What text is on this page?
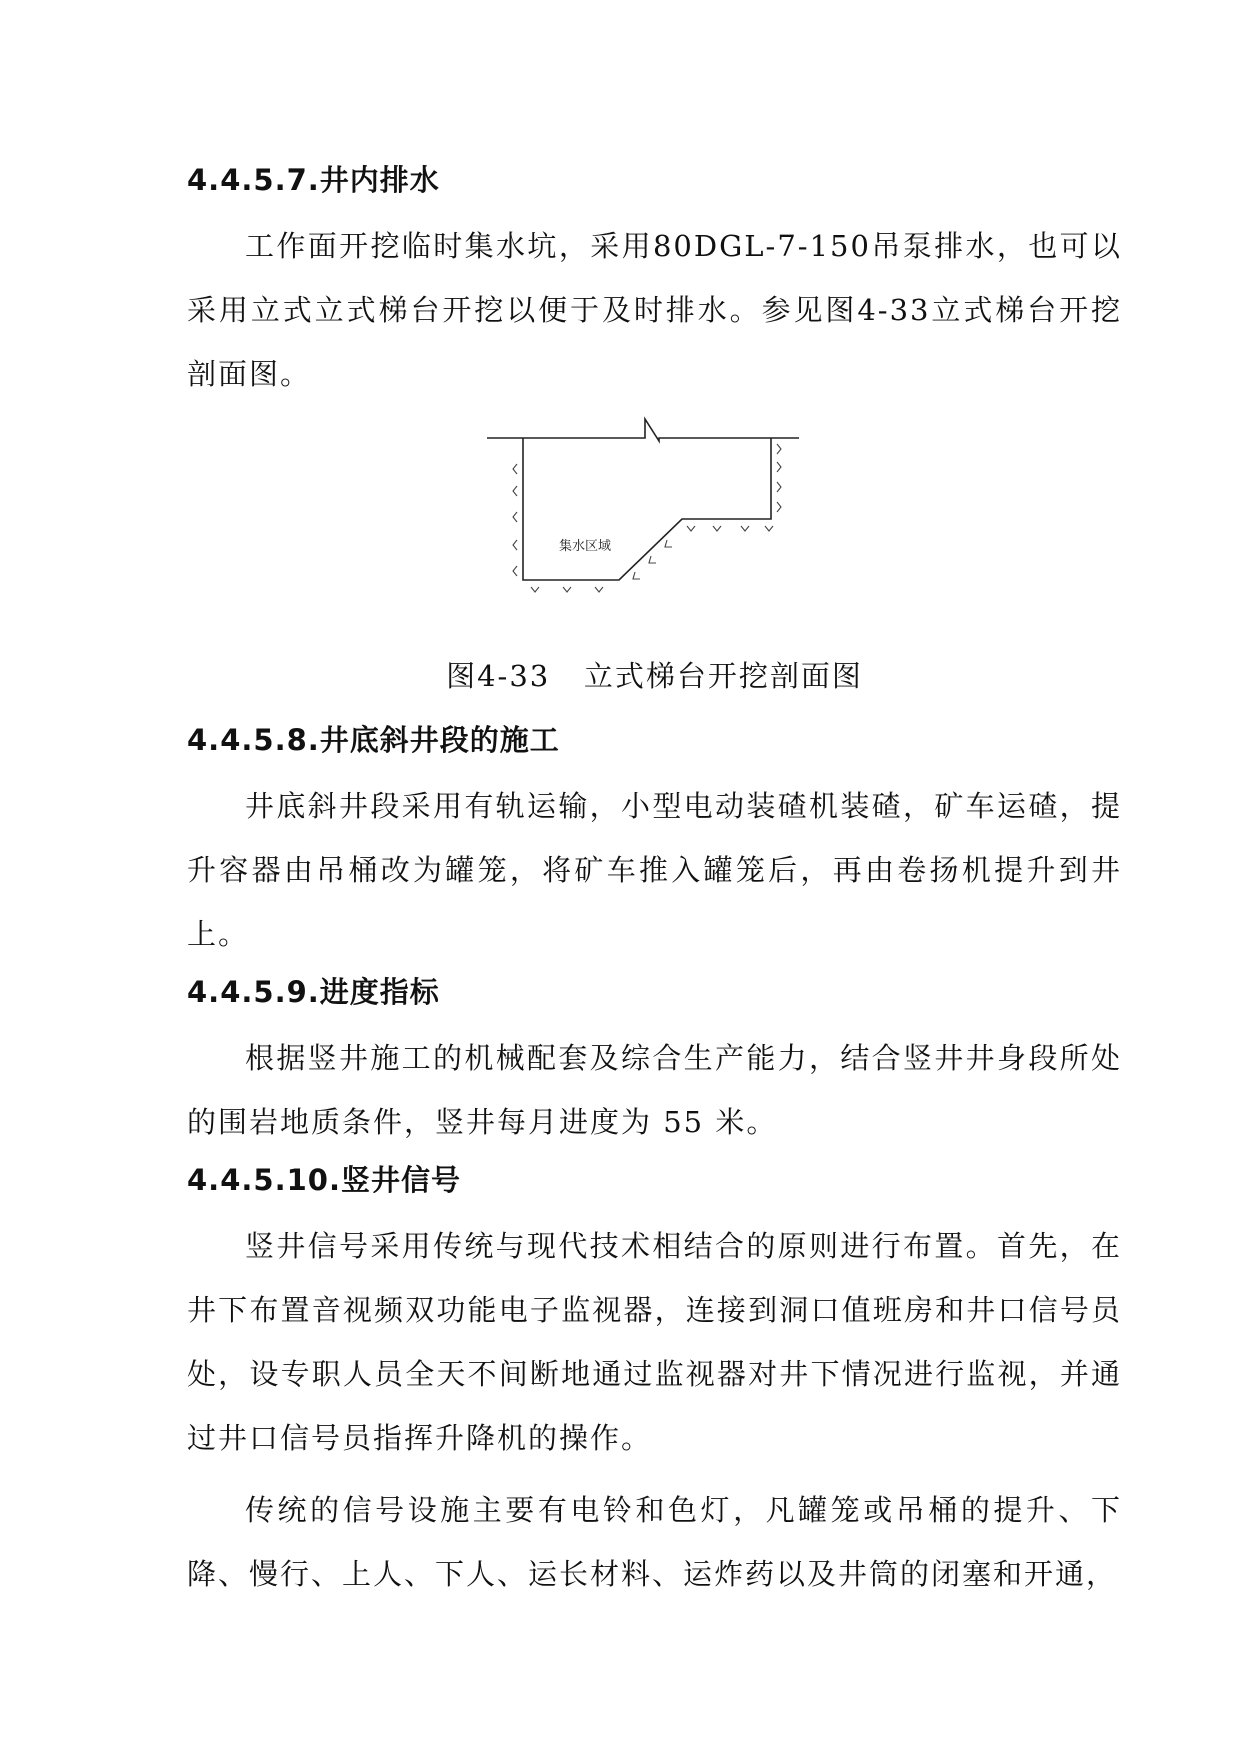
4.4.5.7.井内排水

工作面开挖临时集水坑，采用80DGL-7-150吊泵排水，也可以采用立式立式梯台开挖以便于及时排水。参见图4-33立式梯台开挖剖面图。

集水区域
图4-33 立式梯台开挖剖面图
4.4.5.8.井底斜井段的施工

井底斜井段采用有轨运输，小型电动装碴机装碴，矿车运碴，提升容器由吊桶改为罐笼，将矿车推入罐笼后，再由卷扬机提升到井上。

4.4.5.9.进度指标

根据竖井施工的机械配套及综合生产能力，结合竖井井身段所处的围岩地质条件，竖井每月进度为 55 米。

4.4.5.10.竖井信号

竖井信号采用传统与现代技术相结合的原则进行布置。首先，在井下布置音视频双功能电子监视器，连接到洞口值班房和井口信号员处，设专职人员全天不间断地通过监视器对井下情况进行监视，并通过井口信号员指挥升降机的操作。

传统的信号设施主要有电铃和色灯，凡罐笼或吊桶的提升、下降、慢行、上人、下人、运长材料、运炸药以及井筒的闭塞和开通，
